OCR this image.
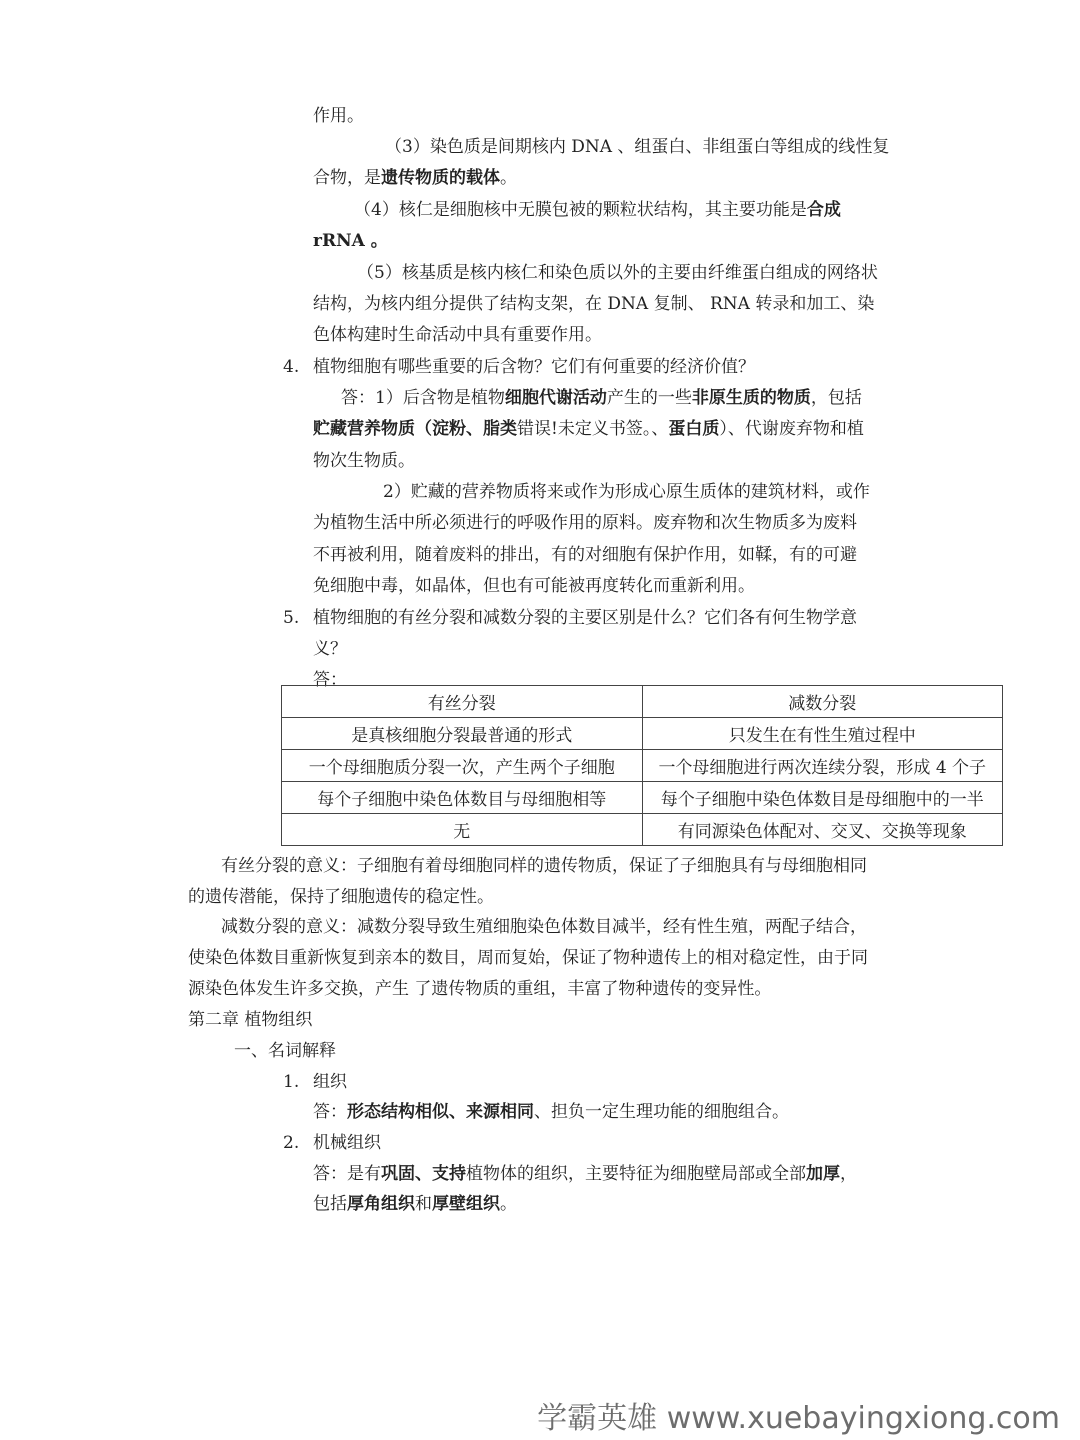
作用。
（3）染色质是间期核内 DNA 、组蛋白、非组蛋白等组成的线性复
合物，是遗传物质的载体。
（4）核仁是细胞核中无膜包被的颗粒状结构，其主要功能是合成
rRNA 。
（5）核基质是核内核仁和染色质以外的主要由纤维蛋白组成的网络状
结构，为核内组分提供了结构支架，在 DNA 复制、 RNA 转录和加工、染
色体构建时生命活动中具有重要作用。
4. 植物细胞有哪些重要的后含物？它们有何重要的经济价值？
答：1）后含物是植物细胞代谢活动产生的一些非原生质的物质，包括
贮藏营养物质（淀粉、脂类错误!未定义书签。、蛋白质）、代谢废弃物和植
物次生物质。
2）贮藏的营养物质将来或作为形成心原生质体的建筑材料，或作
为植物生活中所必须进行的呼吸作用的原料。废弃物和次生物质多为废料
不再被利用，随着废料的排出，有的对细胞有保护作用，如鞣，有的可避
免细胞中毒，如晶体，但也有可能被再度转化而重新利用。
5. 植物细胞的有丝分裂和减数分裂的主要区别是什么？它们各有何生物学意
义？
答：
有丝分裂	减数分裂
是真核细胞分裂最普通的形式	只发生在有性生殖过程中
一个母细胞质分裂一次，产生两个子细胞	一个母细胞进行两次连续分裂，形成 4 个子
每个子细胞中染色体数目与母细胞相等	每个子细胞中染色体数目是母细胞中的一半
无	有同源染色体配对、交叉、交换等现象
有丝分裂的意义：子细胞有着母细胞同样的遗传物质，保证了子细胞具有与母细胞相同
的遗传潜能，保持了细胞遗传的稳定性。
减数分裂的意义：减数分裂导致生殖细胞染色体数目减半，经有性生殖，两配子结合，
使染色体数目重新恢复到亲本的数目，周而复始，保证了物种遗传上的相对稳定性，由于同
源染色体发生许多交换，产生 了遗传物质的重组，丰富了物种遗传的变异性。
第二章 植物组织
一、名词解释
1. 组织
答：形态结构相似、来源相同、担负一定生理功能的细胞组合。
2. 机械组织
答：是有巩固、支持植物体的组织，主要特征为细胞壁局部或全部加厚，
包括厚角组织和厚壁组织。
学霸英雄 www.xuebayingxiong.com
